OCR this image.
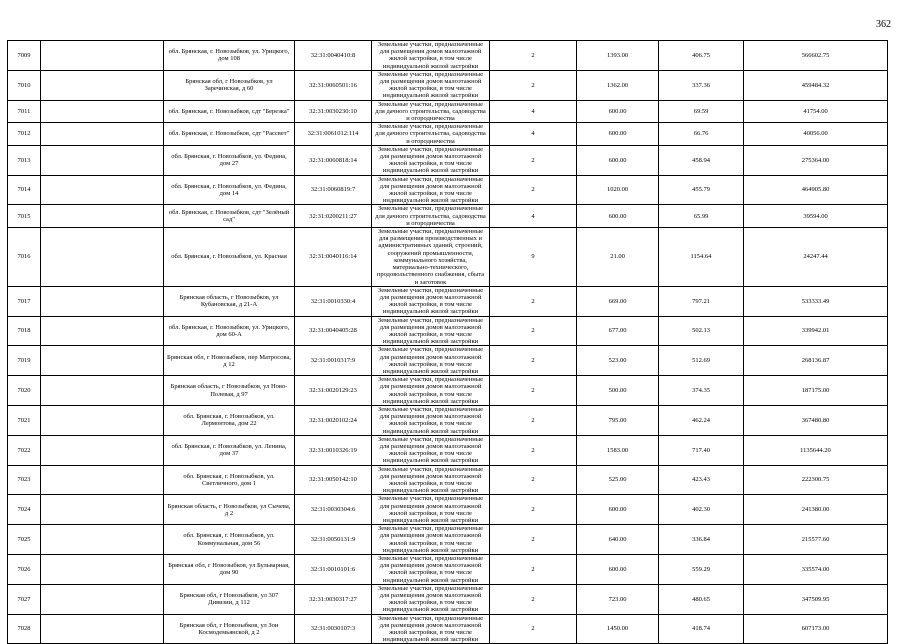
362
7009		обл. Брянская, г. Новозыбков, ул. Урицкого, дом 108	32:31:0040410:8	Земельные участки, предназначенные для размещения домов малоэтажной жилой застройки, в том числе индивидуальной жилой застройки	2	1393.00	406.75	566602.75
7010		Брянская обл, г Новозыбков, ул Заречинская, д 60	32:31:0060501:16	Земельные участки, предназначенные для размещения домов малоэтажной жилой застройки, в том числе индивидуальной жилой застройки	2	1362.00	337.36	459484.32
7011		обл. Брянская, г. Новозыбков, сдт "Березка"	32:31:0030230:10	Земельные участки, предназначенные для дачного строительства, садоводства и огородничества	4	600.00	69.59	41754.00
7012		обл. Брянская, г. Новозыбков, сдт "Рассвет"	32:31:0061012:114	Земельные участки, предназначенные для дачного строительства, садоводства и огородничества	4	600.00	66.76	40056.00
7013		обл. Брянская, г. Новозыбков, ул. Федина, дом 27	32:31:0060818:14	Земельные участки, предназначенные для размещения домов малоэтажной жилой застройки, в том числе индивидуальной жилой застройки	2	600.00	458.94	275364.00
7014		обл. Брянская, г. Новозыбков, ул. Федина, дом 14	32:31:0060819:7	Земельные участки, предназначенные для размещения домов малоэтажной жилой застройки, в том числе индивидуальной жилой застройки	2	1020.00	455.79	464905.80
7015		обл. Брянская, г. Новозыбков, сдт "Зелёный сад"	32:31:0200211:27	Земельные участки, предназначенные для дачного строительства, садоводства и огородничества	4	600.00	65.99	39594.00
7016		обл. Брянская, г. Новозыбков, ул. Красная	32:31:0040116:14	Земельные участки, предназначенные для размещения производственных и административных зданий, строений, сооружений промышленности, коммунального хозяйства, материально-технического, продовольственного снабжения, сбыта и заготовок	9	21.00	1154.64	24247.44
7017		Брянская область, г Новозыбков, ул Кубановская, д 21-А	32:31:0010330:4	Земельные участки, предназначенные для размещения домов малоэтажной жилой застройки, в том числе индивидуальной жилой застройки	2	669.00	797.21	533333.49
7018		обл. Брянская, г. Новозыбков, ул. Урицкого, дом 60-А	32:31:0040405:28	Земельные участки, предназначенные для размещения домов малоэтажной жилой застройки, в том числе индивидуальной жилой застройки	2	677.00	502.13	339942.01
7019		Брянская обл, г Новозыбков, пер Матросова, д 12	32:31:0010317:9	Земельные участки, предназначенные для размещения домов малоэтажной жилой застройки, в том числе индивидуальной жилой застройки	2	523.00	512.69	268136.87
7020		Брянская область, г Новозыбков, ул Ново-Полевая, д 97	32:31:0020129:23	Земельные участки, предназначенные для размещения домов малоэтажной жилой застройки, в том числе индивидуальной жилой застройки	2	500.00	374.35	187175.00
7021		обл. Брянская, г. Новозыбков, ул. Лермонтова, дом 22	32:31:0020102:24	Земельные участки, предназначенные для размещения домов малоэтажной жилой застройки, в том числе индивидуальной жилой застройки	2	795.00	462.24	367480.80
7022		обл. Брянская, г. Новозыбков, ул. Ленина, дом 37	32:31:0010326:19	Земельные участки, предназначенные для размещения домов малоэтажной жилой застройки, в том числе индивидуальной жилой застройки	2	1583.00	717.40	1135644.20
7023		обл. Брянская, г. Новозыбков, ул. Светличного, дом 1	32:31:0050142:10	Земельные участки, предназначенные для размещения домов малоэтажной жилой застройки, в том числе индивидуальной жилой застройки	2	525.00	423.43	222300.75
7024		Брянская область, г Новозыбков, ул Сычева, д 2	32:31:0030304:6	Земельные участки, предназначенные для размещения домов малоэтажной жилой застройки, в том числе индивидуальной жилой застройки	2	600.00	402.30	241380.00
7025		обл. Брянская, г. Новозыбков, ул. Коммунальная, дом 56	32:31:0050131:9	Земельные участки, предназначенные для размещения домов малоэтажной жилой застройки, в том числе индивидуальной жилой застройки	2	640.00	336.84	215577.60
7026		Брянская обл, г Новозыбков, ул Бульварная, дом 90	32:31:0010101:6	Земельные участки, предназначенные для размещения домов малоэтажной жилой застройки, в том числе индивидуальной жилой застройки	2	600.00	559.29	335574.00
7027		Брянская обл, г Новозыбков, ул 307 Дивизии, д 112	32:31:0030317:27	Земельные участки, предназначенные для размещения домов малоэтажной жилой застройки, в том числе индивидуальной жилой застройки	2	723.00	480.65	347509.95
7028		Брянская обл, г Новозыбков, ул Зои Космодемьянской, д 2	32:31:0030107:3	Земельные участки, предназначенные для размещения домов малоэтажной жилой застройки, в том числе индивидуальной жилой застройки	2	1450.00	418.74	607173.00
